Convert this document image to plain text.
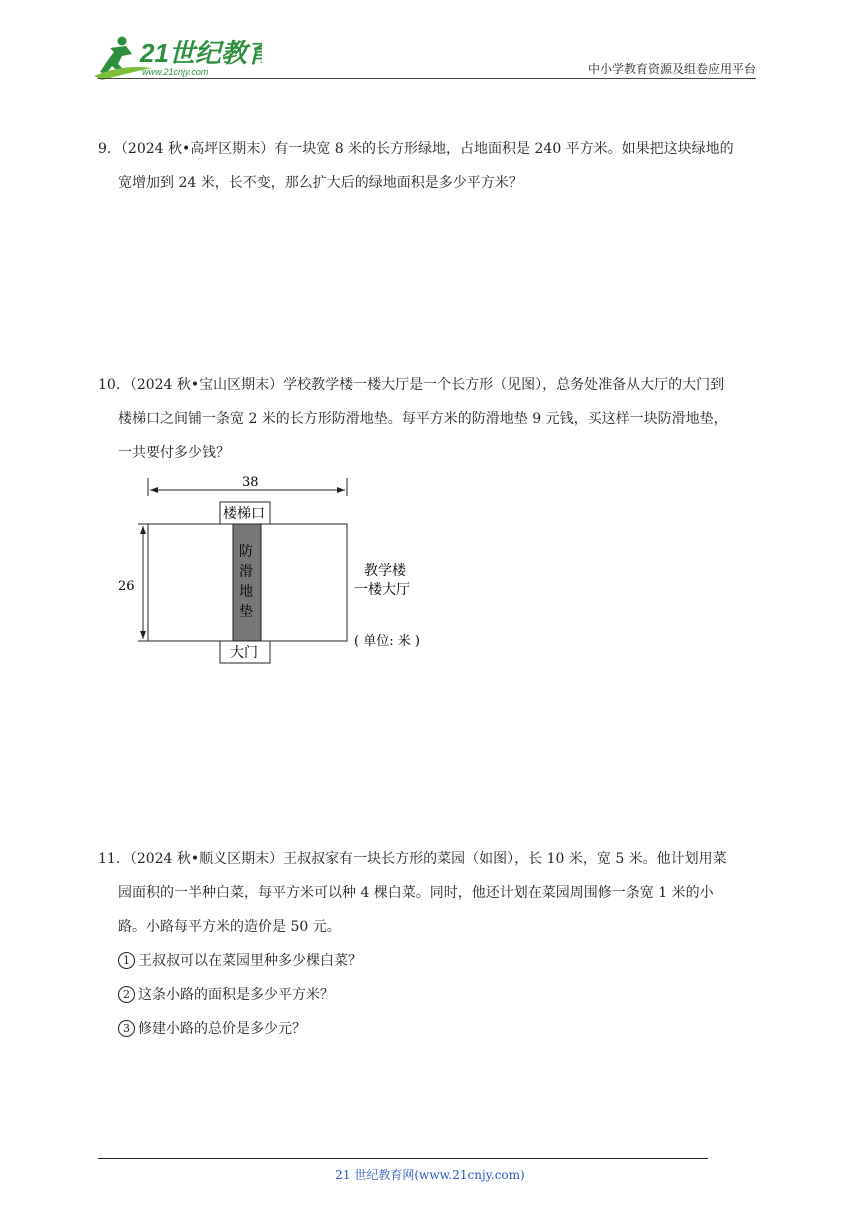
21世纪教育
www.21cnjy.com	中小学教育资源及组卷应用平台

9．（2024 秋•高坪区期末）有一块宽 8 米的长方形绿地，占地面积是 240 平方米。如果把这块绿地的

宽增加到 24 米，长不变，那么扩大后的绿地面积是多少平方米？

10．（2024 秋•宝山区期末）学校教学楼一楼大厅是一个长方形（见图），总务处准备从大厅的大门到

楼梯口之间铺一条宽 2 米的长方形防滑地垫。每平方米的防滑地垫 9 元钱，买这样一块防滑地垫，

一共要付多少钱？

38
26
防
滑
地
垫
楼梯口
大门
教学楼
一楼大厅
( 单位: 米 )

11．（2024 秋•顺义区期末）王叔叔家有一块长方形的菜园（如图），长 10 米，宽 5 米。他计划用菜

园面积的一半种白菜，每平方米可以种 4 棵白菜。同时，他还计划在菜园周围修一条宽 1 米的小

路。小路每平方米的造价是 50 元。

1 王叔叔可以在菜园里种多少棵白菜？

2 这条小路的面积是多少平方米？

3 修建小路的总价是多少元？

21 世纪教育网(www.21cnjy.com)
